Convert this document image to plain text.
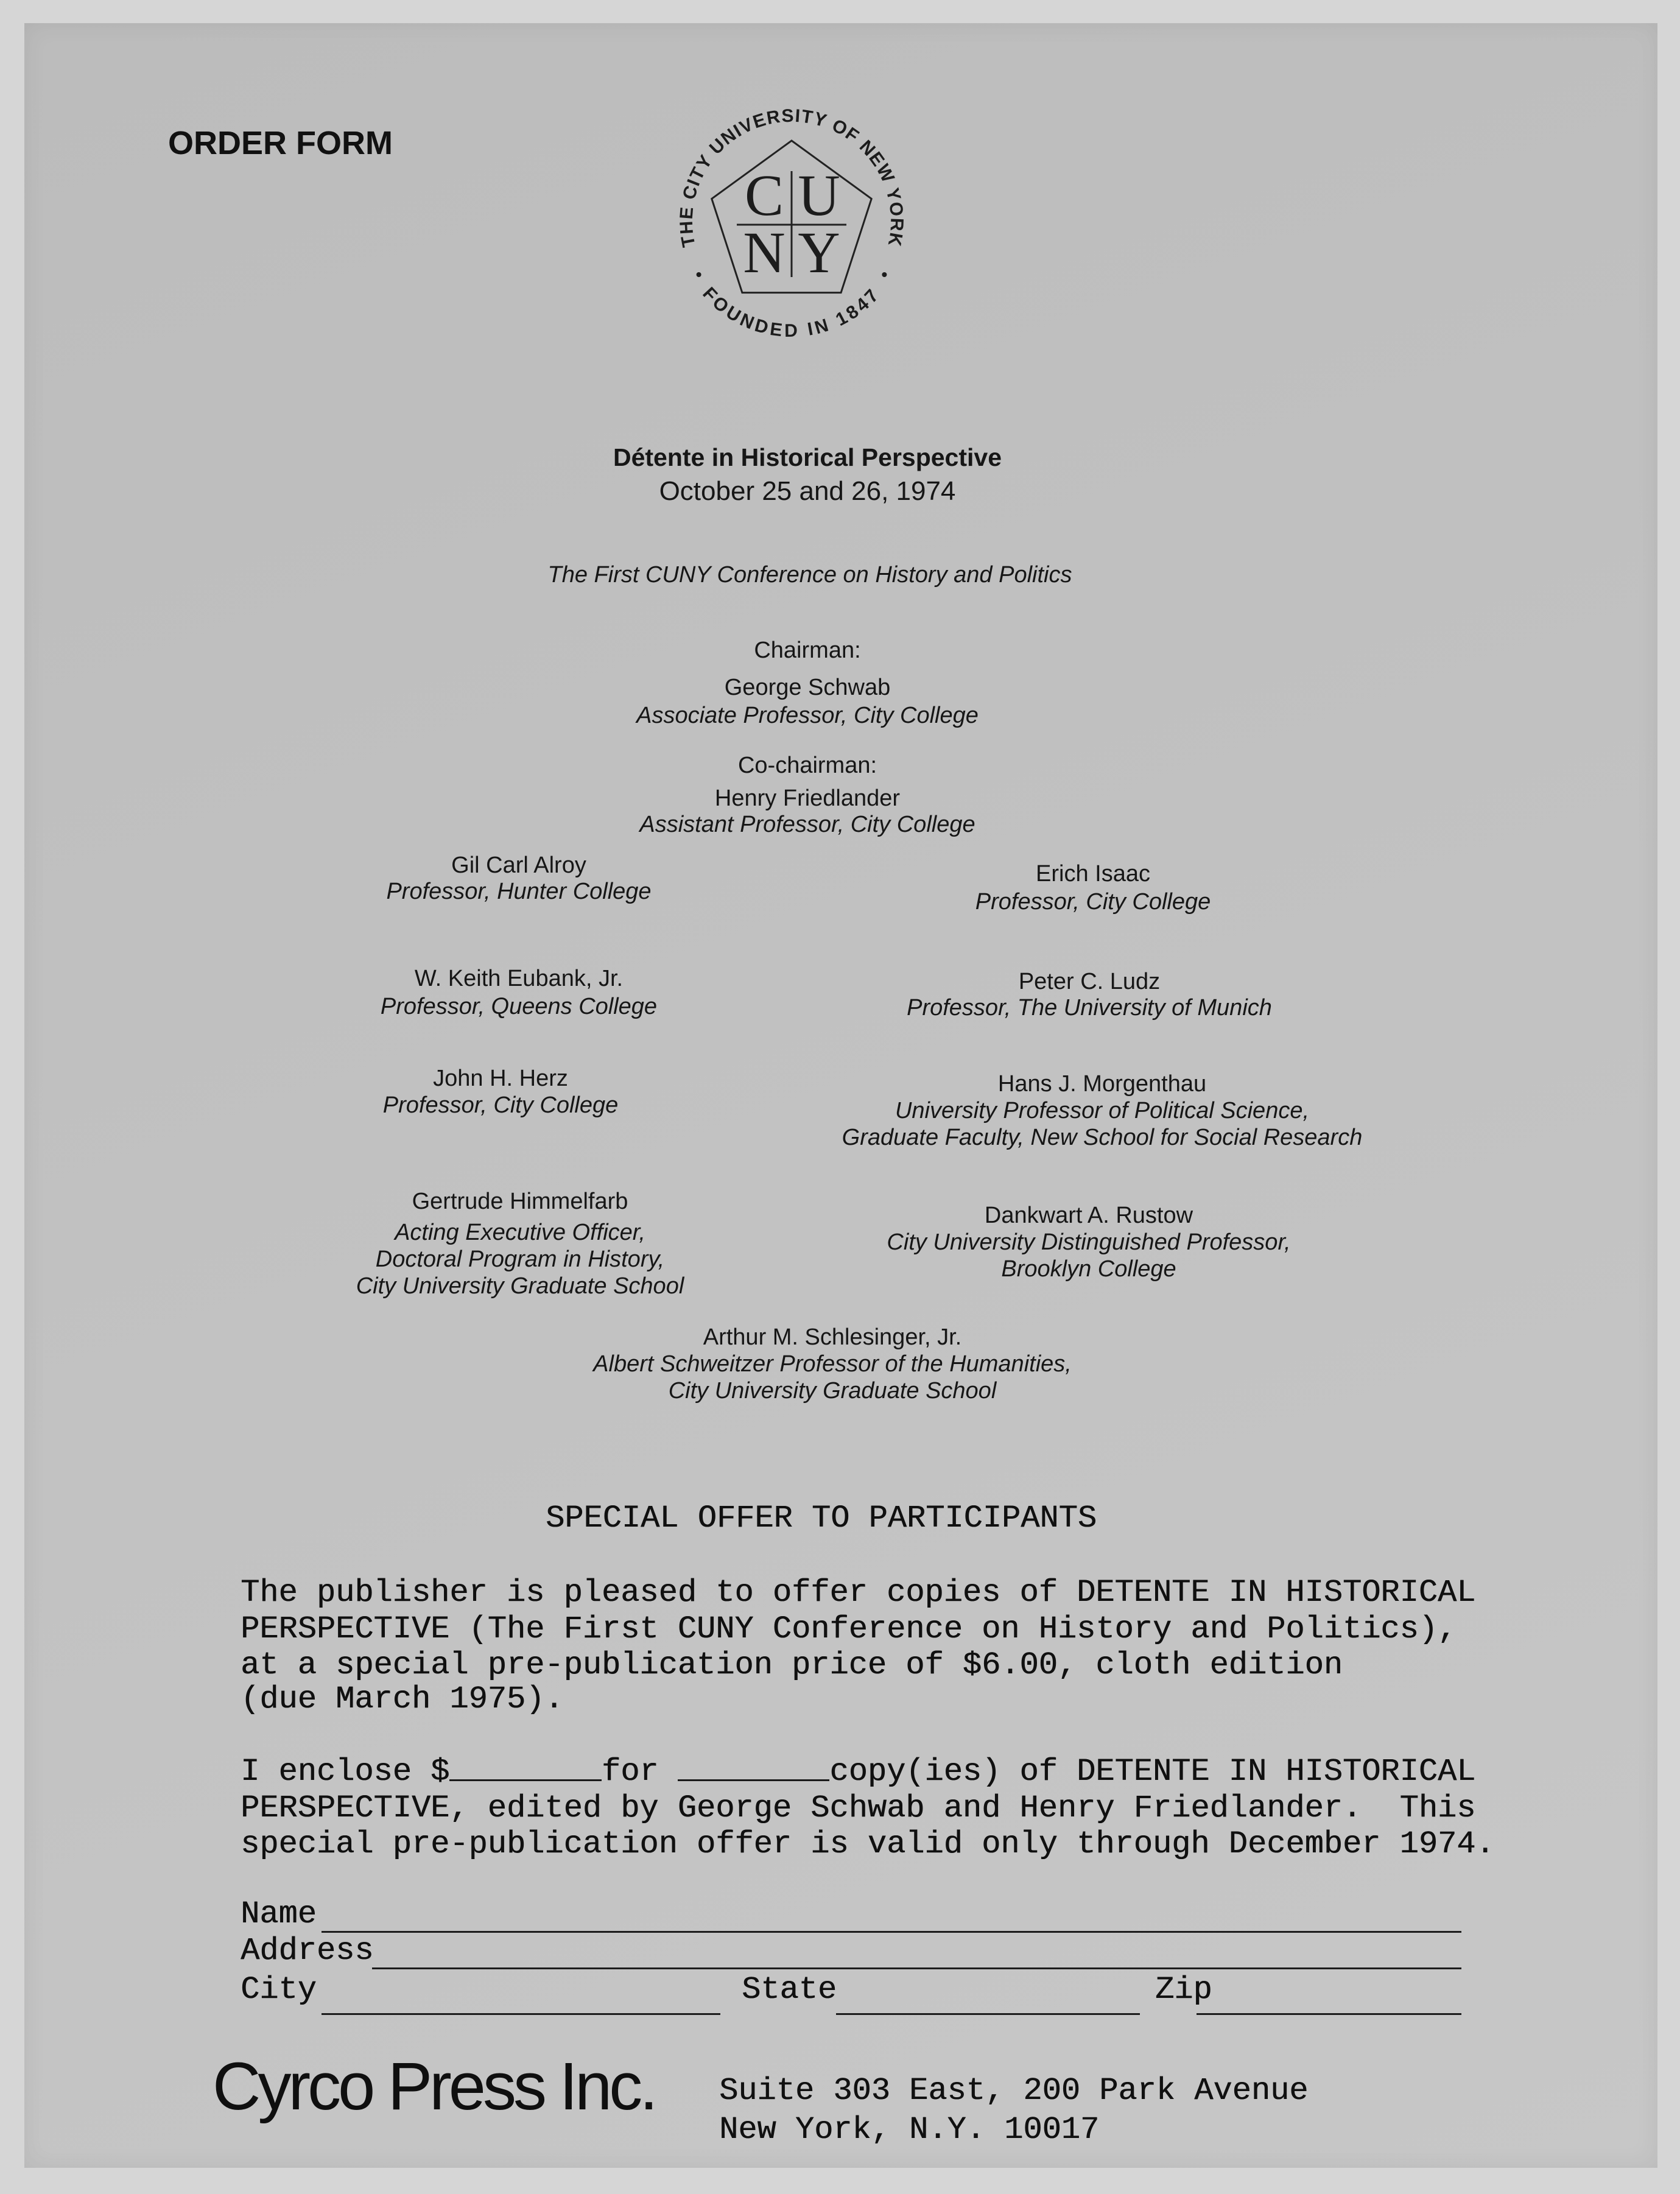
ORDER FORM
THE CITY UNIVERSITY OF NEW YORK
FOUNDED IN 1847
C U
N Y
Détente in Historical Perspective
October 25 and 26, 1974
The First CUNY Conference on History and Politics
Chairman:
George Schwab
Associate Professor, City College
Co-chairman:
Henry Friedlander
Assistant Professor, City College
Gil Carl Alroy
Professor, Hunter College
W. Keith Eubank, Jr.
Professor, Queens College
John H. Herz
Professor, City College
Gertrude Himmelfarb
Acting Executive Officer,
Doctoral Program in History,
City University Graduate School
Erich Isaac
Professor, City College
Peter C. Ludz
Professor, The University of Munich
Hans J. Morgenthau
University Professor of Political Science,
Graduate Faculty, New School for Social Research
Dankwart A. Rustow
City University Distinguished Professor,
Brooklyn College
Arthur M. Schlesinger, Jr.
Albert Schweitzer Professor of the Humanities,
City University Graduate School
SPECIAL OFFER TO PARTICIPANTS
The publisher is pleased to offer copies of DETENTE IN HISTORICAL
PERSPECTIVE (The First CUNY Conference on History and Politics),
at a special pre-publication price of $6.00, cloth edition
(due March 1975).
I enclose $	for	copy(ies) of DETENTE IN HISTORICAL
PERSPECTIVE, edited by George Schwab and Henry Friedlander.  This
special pre-publication offer is valid only through December 1974.
Name
Address
City	State	Zip
Cyrco Press Inc. Suite 303 East, 200 Park Avenue
New York, N.Y. 10017
